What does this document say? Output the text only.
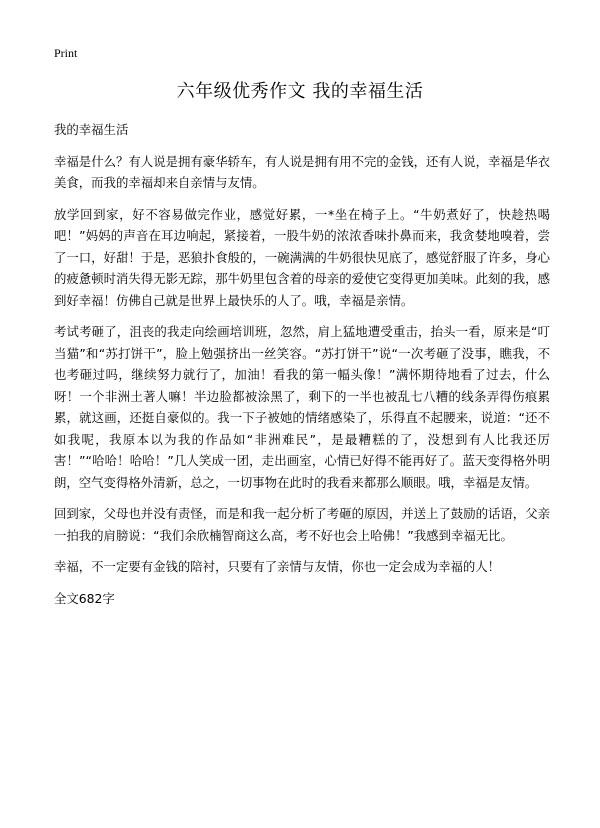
Print
六年级优秀作文 我的幸福生活

我的幸福生活

幸福是什么？有人说是拥有豪华轿车，有人说是拥有用不完的金钱，还有人说，幸福是华衣美食，而我的幸福却来自亲情与友情。

放学回到家，好不容易做完作业，感觉好累，一*坐在椅子上。“牛奶煮好了，快趁热喝吧！”妈妈的声音在耳边响起，紧接着，一股牛奶的浓浓香味扑鼻而来，我贪婪地嗅着，尝了一口，好甜！于是，恶狼扑食般的，一碗满满的牛奶很快见底了，感觉舒服了许多，身心的疲惫顿时消失得无影无踪，那牛奶里包含着的母亲的爱使它变得更加美味。此刻的我，感到好幸福！仿佛自己就是世界上最快乐的人了。哦，幸福是亲情。

考试考砸了，沮丧的我走向绘画培训班，忽然，肩上猛地遭受重击，抬头一看，原来是“叮当猫”和“苏打饼干”，脸上勉强挤出一丝笑容。“苏打饼干”说“一次考砸了没事，瞧我，不也考砸过吗，继续努力就行了，加油！看我的第一幅头像！”满怀期待地看了过去，什么呀！一个非洲土著人嘛！半边脸都被涂黑了，剩下的一半也被乱七八糟的线条弄得伤痕累累，就这画，还挺自豪似的。我一下子被她的情绪感染了，乐得直不起腰来，说道：“还不如我呢，我原本以为我的作品如“非洲难民”，是最糟糕的了，没想到有人比我还厉害！”“哈哈！哈哈！”几人笑成一团，走出画室，心情已好得不能再好了。蓝天变得格外明朗，空气变得格外清新，总之，一切事物在此时的我看来都那么顺眼。哦，幸福是友情。

回到家，父母也并没有责怪，而是和我一起分析了考砸的原因，并送上了鼓励的话语，父亲一拍我的肩膀说：“我们余欣楠智商这么高，考不好也会上哈佛！”我感到幸福无比。

幸福，不一定要有金钱的陪衬，只要有了亲情与友情，你也一定会成为幸福的人！

全文682字
